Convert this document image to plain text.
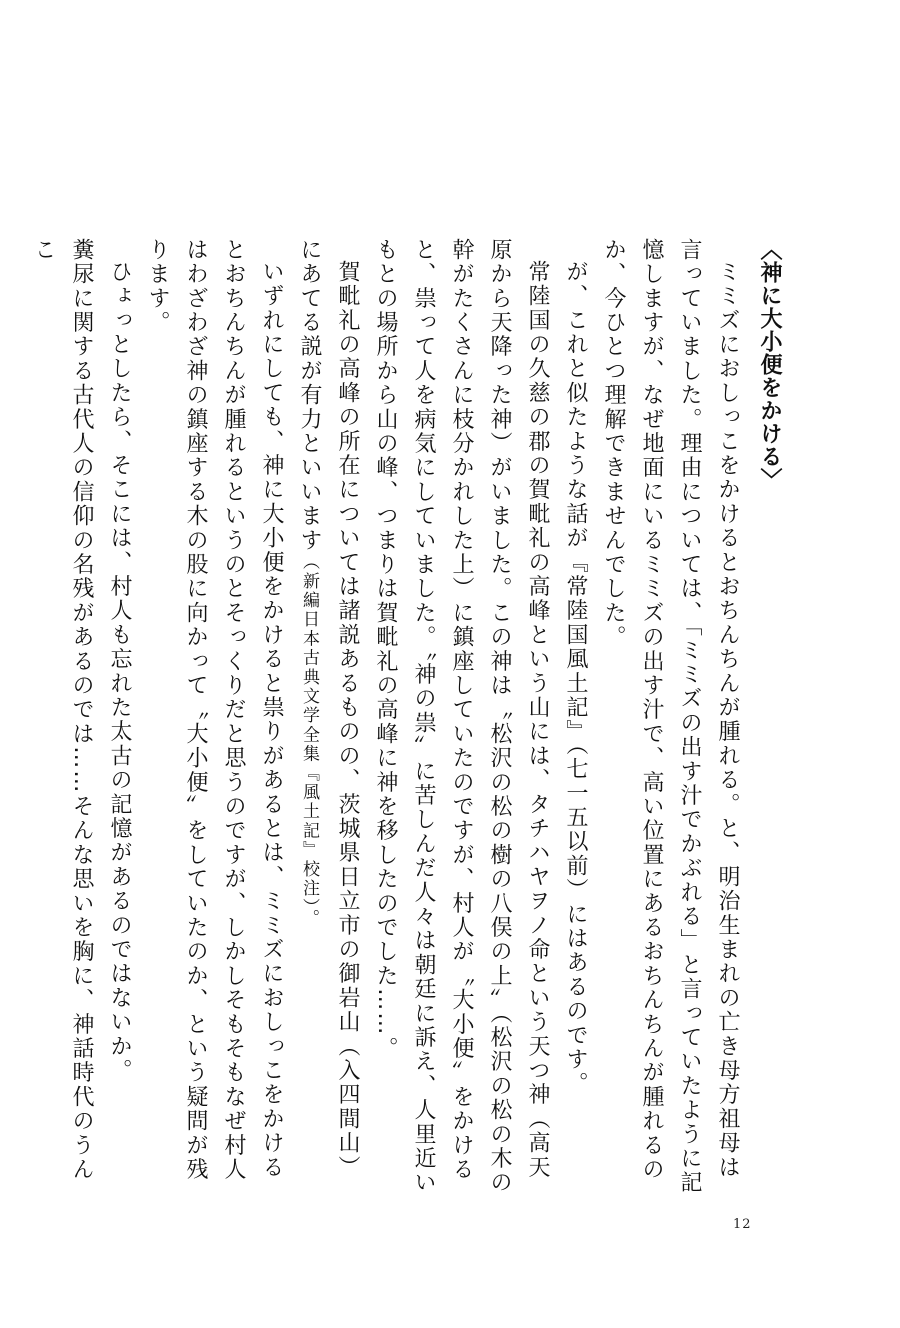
〈神に大小便をかける〉
ミミズにおしっこをかけるとおちんちんが腫れる。と、明治生まれの亡き母方祖母は言っていました。理由については、「ミミズの出す汁でかぶれる」と言っていたように記憶しますが、なぜ地面にいるミミズの出す汁で、高い位置にあるおちんちんが腫れるのか、今ひとつ理解できませんでした。
が、これと似たような話が『常陸国風土記』（七一五以前）にはあるのです。
常陸国の久慈の郡の賀毗礼の高峰という山には、タチハヤヲノ命という天つ神（高天原から天降った神）がいました。この神は〝松沢の松の樹の八俣の上〟（松沢の松の木の幹がたくさんに枝分かれした上）に鎮座していたのですが、村人が〝大小便〟をかけると、祟って人を病気にしていました。〝神の祟〟に苦しんだ人々は朝廷に訴え、人里近いもとの場所から山の峰、つまりは賀毗礼の高峰に神を移したのでした……。
賀毗礼の高峰の所在については諸説あるものの、茨城県日立市の御岩山（入四間山）にあてる説が有力といいます（新編日本古典文学全集『風土記』校注）。
いずれにしても、神に大小便をかけると祟りがあるとは、ミミズにおしっこをかけるとおちんちんが腫れるというのとそっくりだと思うのですが、しかしそもそもなぜ村人はわざわざ神の鎮座する木の股に向かって〝大小便〟をしていたのか、という疑問が残ります。
ひょっとしたら、そこには、村人も忘れた太古の記憶があるのではないか。
糞尿に関する古代人の信仰の名残があるのでは……そんな思いを胸に、神話時代のうんこ
12
